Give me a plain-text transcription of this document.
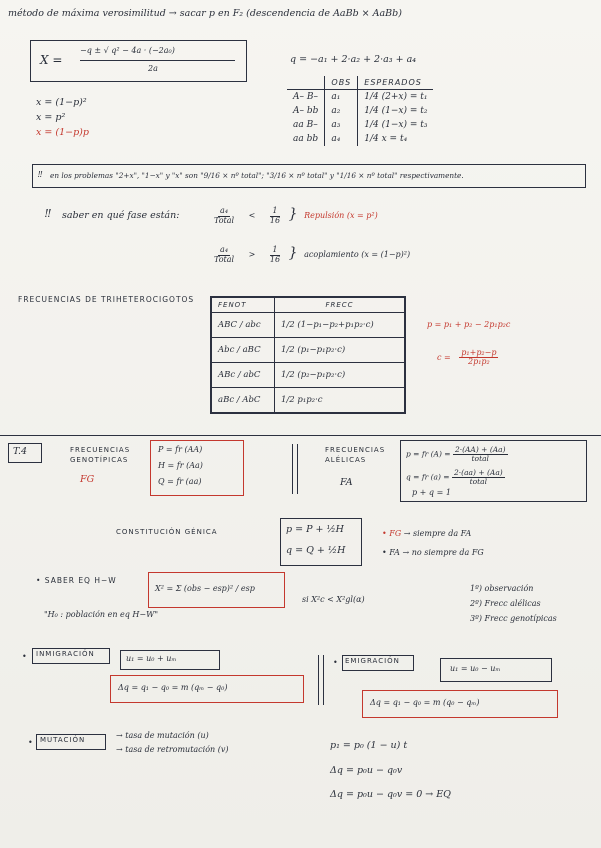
método de máxima verosimilitud → sacar p en F₂ (descendencia de AaBb × AaBb)
X =
−q ± √ q² − 4a · (−2a₀)
2a
q = −a₁ + 2·a₂ + 2·a₃ + a₄
x = (1−p)²
x = p²
x = (1−p)p
	OBS	ESPERADOS
A– B–	a₁	1/4 (2+x) = t₁
A– bb	a₂	1/4 (1−x) = t₂
aa B–	a₃	1/4 (1−x) = t₃
aa bb	a₄	1/4 x = t₄
‼ en los problemas "2+x", "1−x" y "x" son "9/16 × nº total"; "3/16 × nº total" y "1/16 × nº total" respectivamente.
‼ saber en qué fase están:	$\frac{\text{a₄}}{\text{Total}} < \frac{1}{16}$ } Repulsión (x = p²)
$\frac{\text{a₄}}{\text{Total}} > \frac{1}{16}$ } acoplamiento (x = (1−p)²)
FRECUENCIAS DE TRIHETEROCIGOTOS
FENOT	FRECC
ABC / abc	1/2 (1−p₁−p₂+p₁p₂·c)
Abc / aBC	1/2 (p₁−p₁p₂·c)
ABc / abC	1/2 (p₂−p₁p₂·c)
aBc / AbC	1/2 p₁p₂·c
p = p₁ + p₂ − 2p₁p₂c
$c = \frac{\text{p₁+p₂−p}}{\text{2p₁p₂}}$
T.4	FRECUENCIAS GENOTÍPICAS
FG
P = fr (AA)
H = fr (Aa)
Q = fr (aa)
FRECUENCIAS ALÉLICAS
FA
p = fr $(A) = \frac{2\cdot(AA) + (Aa)}{\text{total}}$
q = fr $(a) = \frac{2\cdot(aa) + (Aa)}{\text{total}}$
p + q = 1
CONSTITUCIÓN GÉNICA	p = P + ½H
q = Q + ½H
• FG → siempre da FA
• FA → no siempre da FG
• SABER EQ H−W
X² = Σ (obs − esp)² / esp
si X²c < X²gl(α)
"H₀ : población en eq H−W"
1º) observación
2º) Frecc alélicas
3º) Frecc genotípicas
• INMIGRACIÓN	u₁ = u₀ + uₘ
Δq = q₁ − q₀ = m (qₘ − q₀)
• EMIGRACIÓN
u₁ = u₀ − uₘ
Δq = q₁ − q₀ = m (q₀ − qₘ)
• MUTACIÓN	→ tasa de mutación (u)
→ tasa de retromutación (v)	p₁ = p₀ (1 − u) t
Δq = p₀u − q₀v
Δq = p₀u − q₀v = 0 → EQ
